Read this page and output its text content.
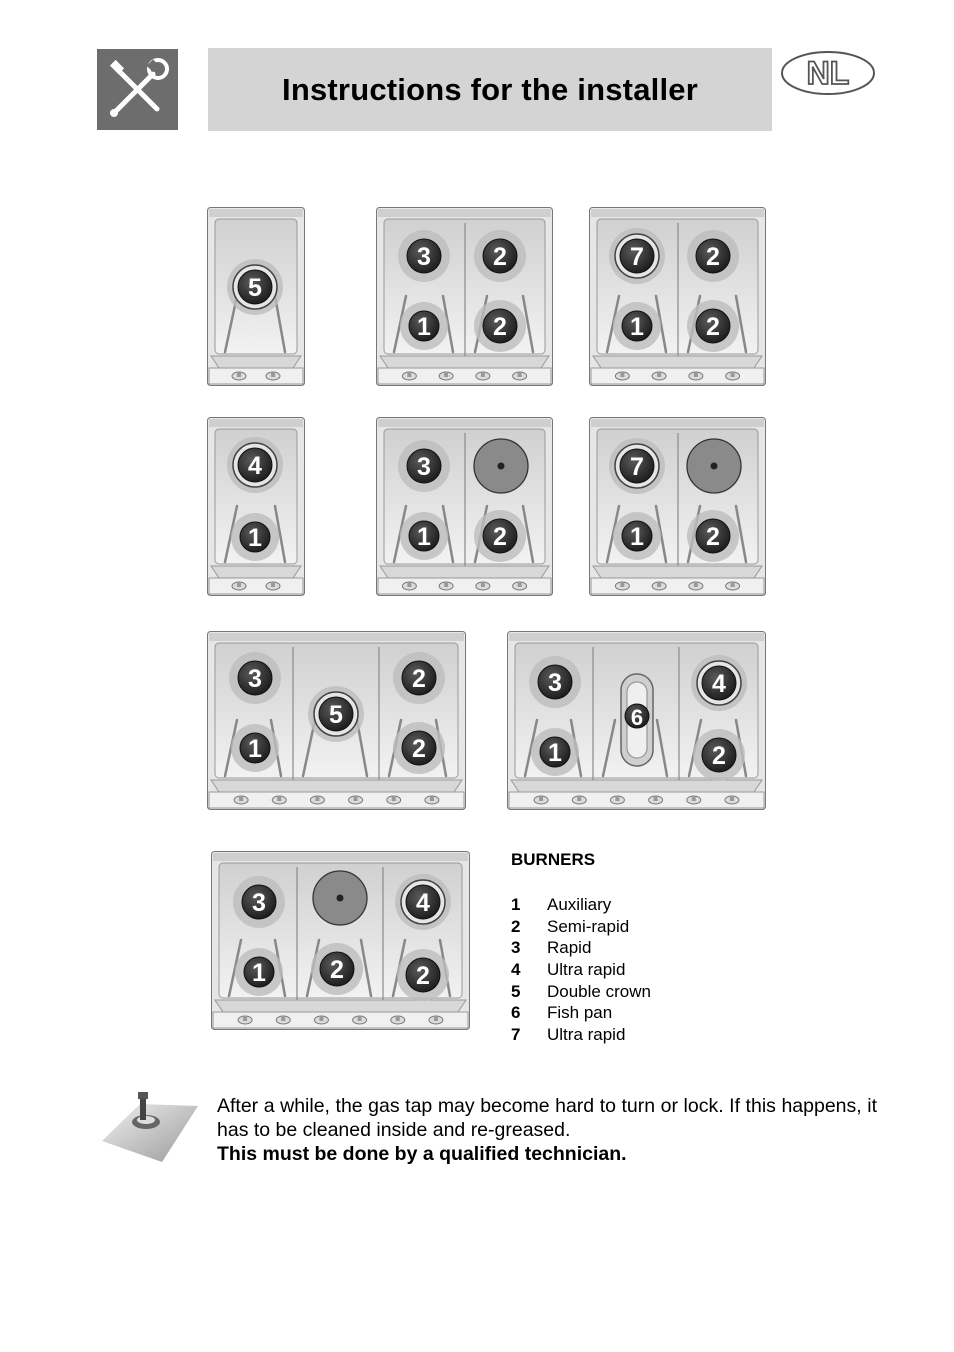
Instructions for the installer	NL
5
3 2
1 2
7 2
1 2
4
1
3
1 2
7
1 2
3
5
2
1	2
3
6
4
1	2
3	4
1	2	2
BURNERS
1	Auxiliary
2	Semi-rapid
3	Rapid
4	Ultra rapid
5	Double crown
6	Fish pan
7	Ultra rapid
After a while, the gas tap may become hard to turn or lock. If this happens, it has to be cleaned inside and re-greased.
This must be done by a qualified technician.
